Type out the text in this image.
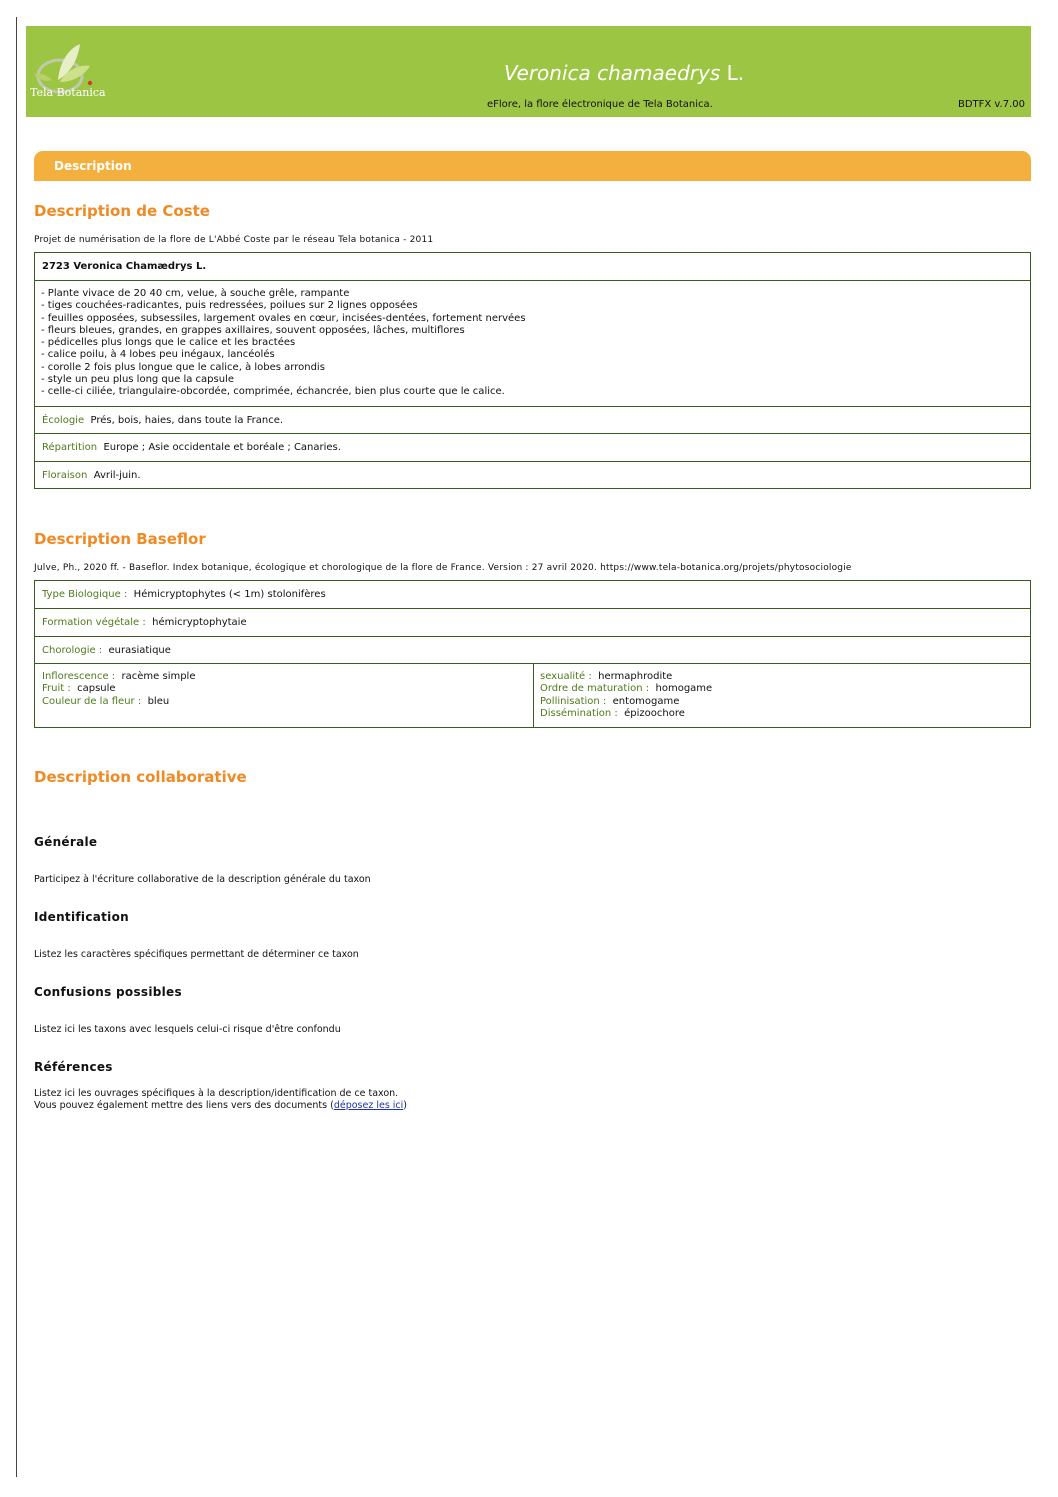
Tela Botanica
Veronica chamaedrys L.
eFlore, la flore électronique de Tela Botanica.	BDTFX v.7.00
Description
Description de Coste
Projet de numérisation de la flore de L'Abbé Coste par le réseau Tela botanica - 2011
2723 Veronica Chamædrys L.
- Plante vivace de 20 40 cm, velue, à souche grêle, rampante
- tiges couchées-radicantes, puis redressées, poilues sur 2 lignes opposées
- feuilles opposées, subsessiles, largement ovales en cœur, incisées-dentées, fortement nervées
- fleurs bleues, grandes, en grappes axillaires, souvent opposées, lâches, multiflores
- pédicelles plus longs que le calice et les bractées
- calice poilu, à 4 lobes peu inégaux, lancéolés
- corolle 2 fois plus longue que le calice, à lobes arrondis
- style un peu plus long que la capsule
- celle-ci ciliée, triangulaire-obcordée, comprimée, échancrée, bien plus courte que le calice.
Écologie Prés, bois, haies, dans toute la France.
Répartition Europe ; Asie occidentale et boréale ; Canaries.
Floraison Avril-juin.
Description Baseflor
Julve, Ph., 2020 ff. - Baseflor. Index botanique, écologique et chorologique de la flore de France. Version : 27 avril 2020. https://www.tela-botanica.org/projets/phytosociologie
Type Biologique : Hémicryptophytes (< 1m) stolonifères
Formation végétale : hémicryptophytaie
Chorologie : eurasiatique
Inflorescence : racème simple
Fruit : capsule
Couleur de la fleur : bleu
sexualité : hermaphrodite
Ordre de maturation : homogame
Pollinisation : entomogame
Dissémination : épizoochore
Description collaborative
Générale
Participez à l'écriture collaborative de la description générale du taxon
Identification
Listez les caractères spécifiques permettant de déterminer ce taxon
Confusions possibles
Listez ici les taxons avec lesquels celui-ci risque d'être confondu
Références
Listez ici les ouvrages spécifiques à la description/identification de ce taxon.
Vous pouvez également mettre des liens vers des documents (déposez les ici)
